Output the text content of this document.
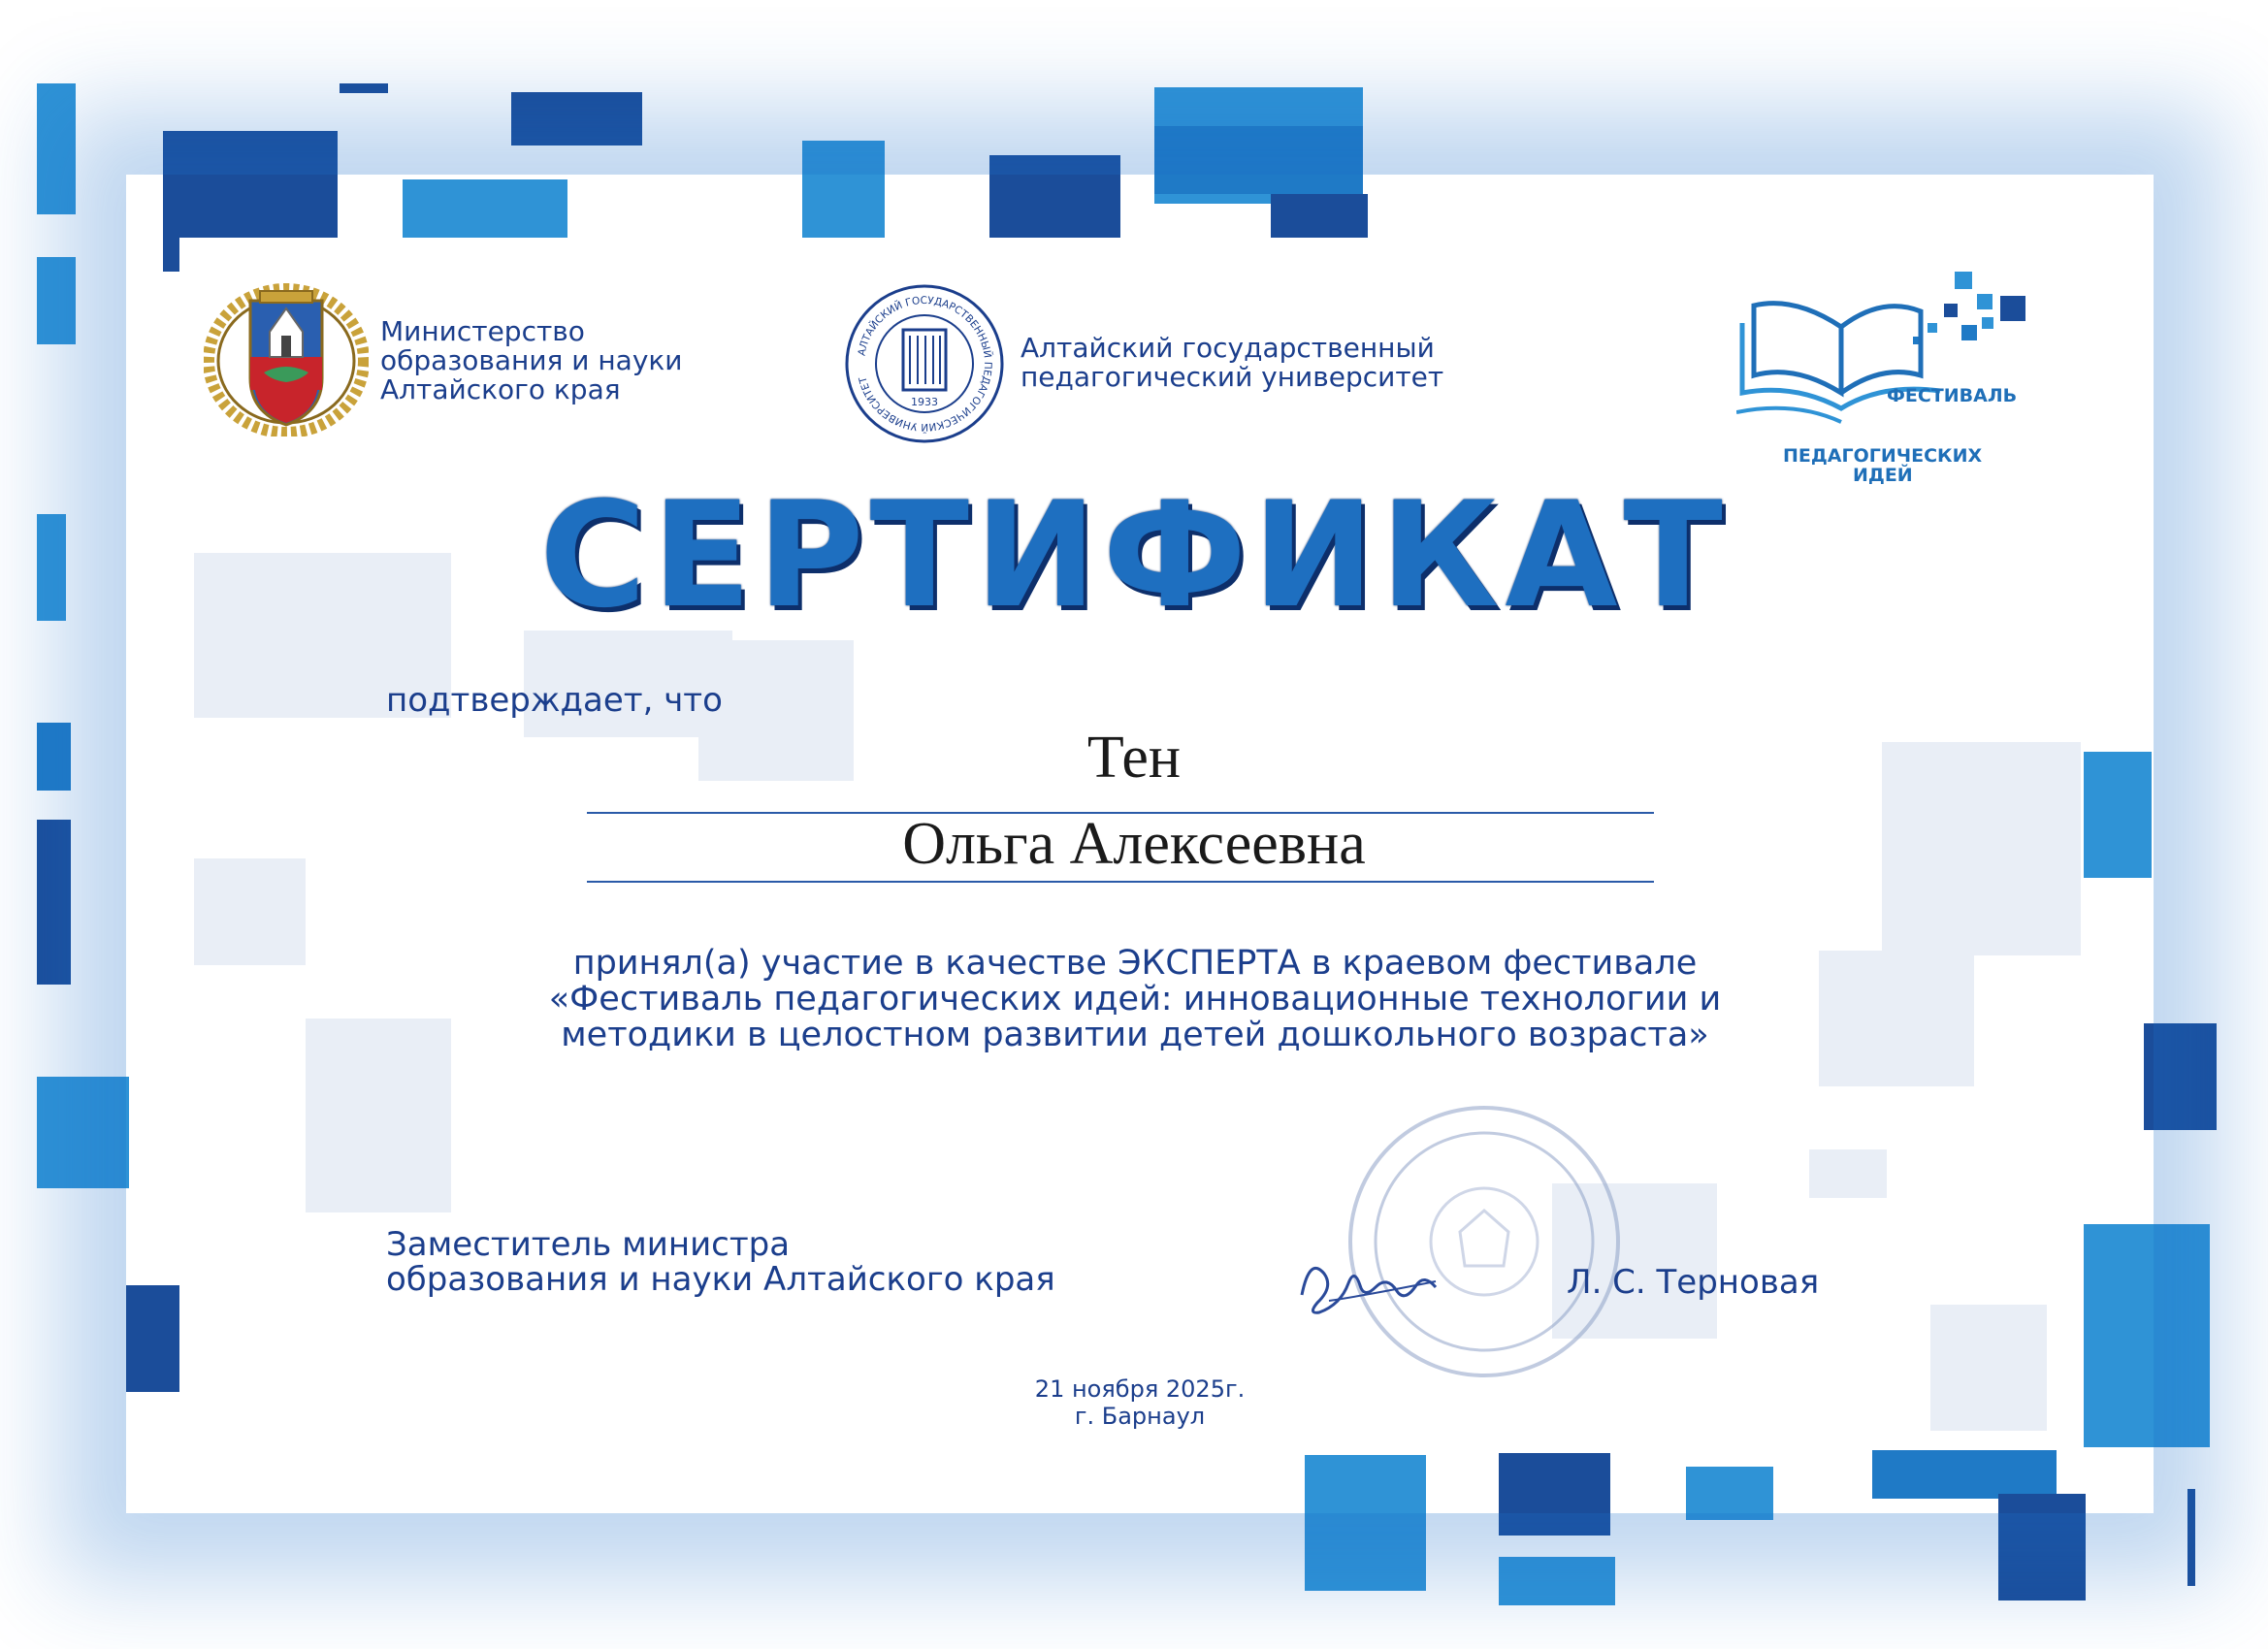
Министерство
образования и науки
Алтайского края
АЛТАЙСКИЙ ГОСУДАРСТВЕННЫЙ ПЕДАГОГИЧЕСКИЙ УНИВЕРСИТЕТ
1933
Алтайский государственный
педагогический университет
ФЕСТИВАЛЬ
ПЕДАГОГИЧЕСКИХ
ИДЕЙ
СЕРТИФИКАТ
подтверждает, что
Тен
Ольга Алексеевна
принял(а) участие в качестве ЭКСПЕРТА в краевом фестивале
«Фестиваль педагогических идей: инновационные технологии и
методики в целостном развитии детей дошкольного возраста»
Заместитель министра
образования и науки Алтайского края	Л. С. Терновая
21 ноября 2025г.
г. Барнаул
